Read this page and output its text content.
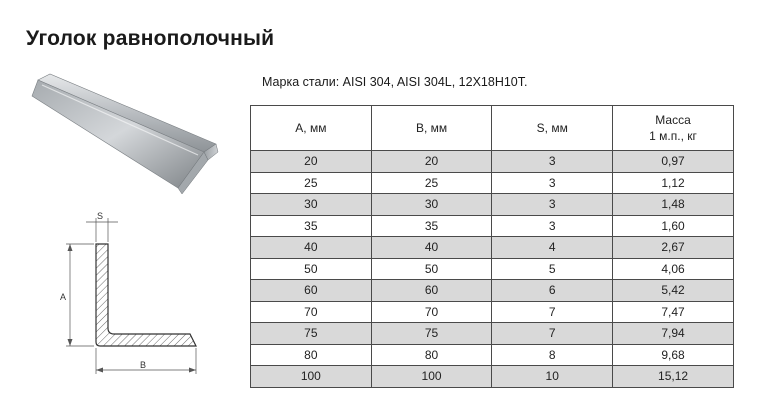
Уголок равнополочный
Марка стали: AISI 304, AISI 304L, 12Х18Н10Т.
S
A
B
А, мм	В, мм	S, мм	Масса
1 м.п., кг

20	20	3	0,97
25	25	3	1,12
30	30	3	1,48
35	35	3	1,60
40	40	4	2,67
50	50	5	4,06
60	60	6	5,42
70	70	7	7,47
75	75	7	7,94
80	80	8	9,68
100	100	10	15,12
